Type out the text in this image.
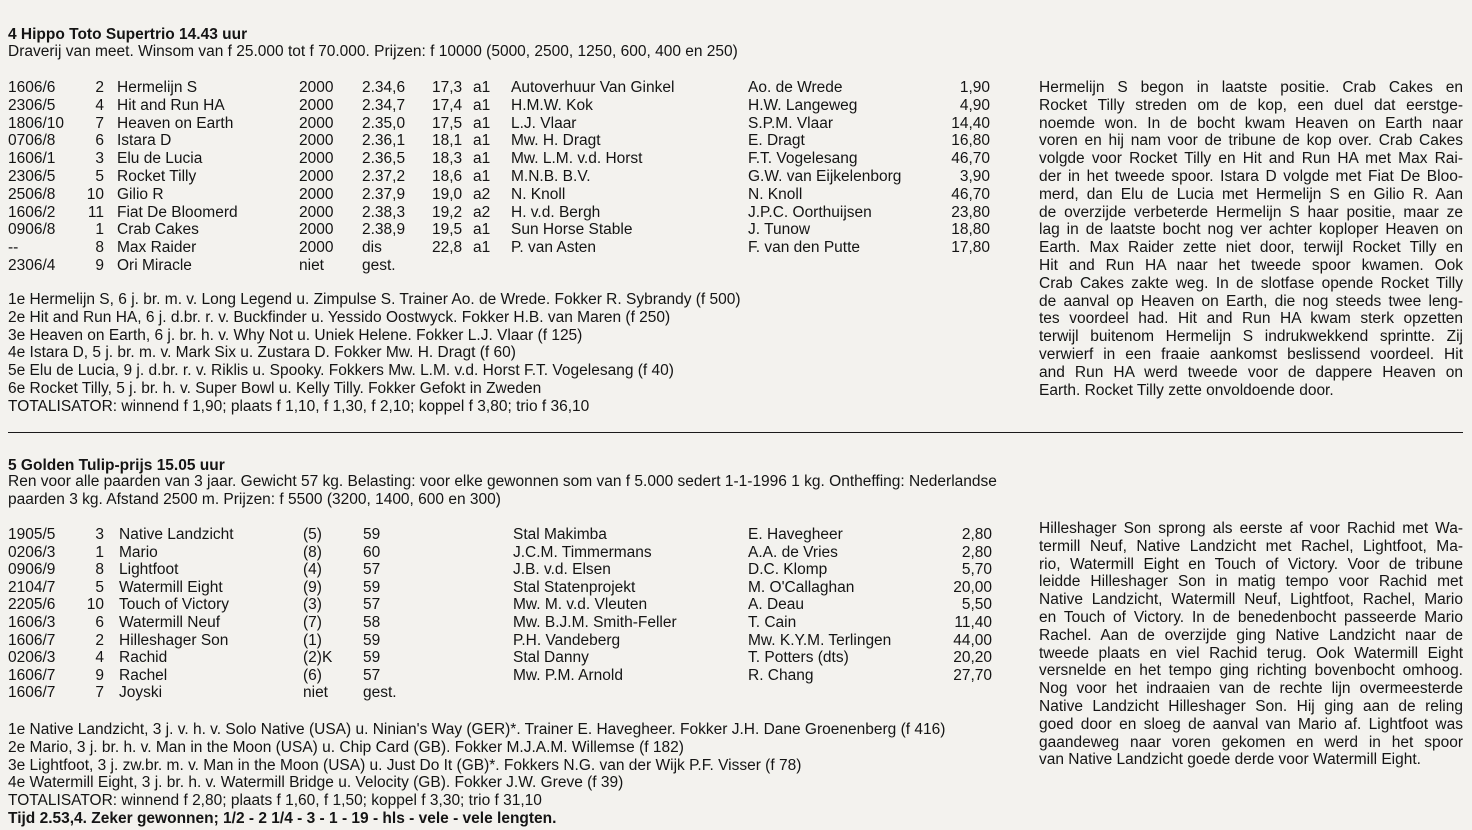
4 Hippo Toto Supertrio 14.43 uur
Draverij van meet. Winsom van f 25.000 tot f 70.000. Prijzen: f 10000 (5000, 2500, 1250, 600, 400 en 250)
1606/6	2 Hermelijn S	2000 2.34,6 17,3 a1 Autoverhuur Van Ginkel	Ao. de Wrede	1,90
2306/5	4 Hit and Run HA	2000 2.34,7 17,4 a1 H.M.W. Kok	H.W. Langeweg	4,90
1806/10	7 Heaven on Earth	2000 2.35,0 17,5 a1 L.J. Vlaar	S.P.M. Vlaar	14,40
0706/8	6 Istara D	2000 2.36,1 18,1 a1 Mw. H. Dragt	E. Dragt	16,80
1606/1	3 Elu de Lucia	2000 2.36,5 18,3 a1 Mw. L.M. v.d. Horst	F.T. Vogelesang	46,70
2306/5	5 Rocket Tilly	2000 2.37,2 18,6 a1 M.N.B. B.V.	G.W. van Eijkelenborg	3,90
2506/8	10 Gilio R	2000 2.37,9 19,0 a2 N. Knoll	N. Knoll	46,70
1606/2	11 Fiat De Bloomerd	2000 2.38,3 19,2 a2 H. v.d. Bergh	J.P.C. Oorthuijsen	23,80
0906/8	1 Crab Cakes	2000 2.38,9 19,5 a1 Sun Horse Stable	J. Tunow	18,80
--	8 Max Raider	2000 dis	22,8 a1 P. van Asten	F. van den Putte	17,80
2306/4	9 Ori Miracle	niet gest.
1e Hermelijn S, 6 j. br. m. v. Long Legend u. Zimpulse S. Trainer Ao. de Wrede. Fokker R. Sybrandy (f 500)
2e Hit and Run HA, 6 j. d.br. r. v. Buckfinder u. Yessido Oostwyck. Fokker H.B. van Maren (f 250)
3e Heaven on Earth, 6 j. br. h. v. Why Not u. Uniek Helene. Fokker L.J. Vlaar (f 125)
4e Istara D, 5 j. br. m. v. Mark Six u. Zustara D. Fokker Mw. H. Dragt (f 60)
5e Elu de Lucia, 9 j. d.br. r. v. Riklis u. Spooky. Fokkers Mw. L.M. v.d. Horst F.T. Vogelesang (f 40)
6e Rocket Tilly, 5 j. br. h. v. Super Bowl u. Kelly Tilly. Fokker Gefokt in Zweden
TOTALISATOR: winnend f 1,90; plaats f 1,10, f 1,30, f 2,10; koppel f 3,80; trio f 36,10
Hermelijn S begon in laatste positie. Crab Cakes en
Rocket Tilly streden om de kop, een duel dat eerstge-
noemde won. In de bocht kwam Heaven on Earth naar
voren en hij nam voor de tribune de kop over. Crab Cakes
volgde voor Rocket Tilly en Hit and Run HA met Max Rai-
der in het tweede spoor. Istara D volgde met Fiat De Bloo-
merd, dan Elu de Lucia met Hermelijn S en Gilio R. Aan
de overzijde verbeterde Hermelijn S haar positie, maar ze
lag in de laatste bocht nog ver achter koploper Heaven on
Earth. Max Raider zette niet door, terwijl Rocket Tilly en
Hit and Run HA naar het tweede spoor kwamen. Ook
Crab Cakes zakte weg. In de slotfase opende Rocket Tilly
de aanval op Heaven on Earth, die nog steeds twee leng-
tes voordeel had. Hit and Run HA kwam sterk opzetten
terwijl buitenom Hermelijn S indrukwekkend sprintte. Zij
verwierf in een fraaie aankomst beslissend voordeel. Hit
and Run HA werd tweede voor de dappere Heaven on
Earth. Rocket Tilly zette onvoldoende door.
5 Golden Tulip-prijs 15.05 uur
Ren voor alle paarden van 3 jaar. Gewicht 57 kg. Belasting: voor elke gewonnen som van f 5.000 sedert 1-1-1996 1 kg. Ontheffing: Nederlandse
paarden 3 kg. Afstand 2500 m. Prijzen: f 5500 (3200, 1400, 600 en 300)
1905/5	3 Native Landzicht	(5)	59	Stal Makimba	E. Havegheer	2,80
0206/3	1 Mario	(8)	60	J.C.M. Timmermans	A.A. de Vries	2,80
0906/9	8 Lightfoot	(4)	57	J.B. v.d. Elsen	D.C. Klomp	5,70
2104/7	5 Watermill Eight	(9)	59	Stal Statenprojekt	M. O'Callaghan	20,00
2205/6	10 Touch of Victory	(3)	57	Mw. M. v.d. Vleuten	A. Deau	5,50
1606/3	6 Watermill Neuf	(7)	58	Mw. B.J.M. Smith-Feller	T. Cain	11,40
1606/7	2 Hilleshager Son	(1)	59	P.H. Vandeberg	Mw. K.Y.M. Terlingen	44,00
0206/3	4 Rachid	(2)K 59	Stal Danny	T. Potters (dts)	20,20
1606/7	9 Rachel	(6)	57	Mw. P.M. Arnold	R. Chang	27,70
1606/7	7 Joyski	niet gest.
1e Native Landzicht, 3 j. v. h. v. Solo Native (USA) u. Ninian's Way (GER)*. Trainer E. Havegheer. Fokker J.H. Dane Groenenberg (f 416)
2e Mario, 3 j. br. h. v. Man in the Moon (USA) u. Chip Card (GB). Fokker M.J.A.M. Willemse (f 182)
3e Lightfoot, 3 j. zw.br. m. v. Man in the Moon (USA) u. Just Do It (GB)*. Fokkers N.G. van der Wijk P.F. Visser (f 78)
4e Watermill Eight, 3 j. br. h. v. Watermill Bridge u. Velocity (GB). Fokker J.W. Greve (f 39)
TOTALISATOR: winnend f 2,80; plaats f 1,60, f 1,50; koppel f 3,30; trio f 31,10
Tijd 2.53,4. Zeker gewonnen; 1/2 - 2 1/4 - 3 - 1 - 19 - hls - vele - vele lengten.
Hilleshager Son sprong als eerste af voor Rachid met Wa-
termill Neuf, Native Landzicht met Rachel, Lightfoot, Ma-
rio, Watermill Eight en Touch of Victory. Voor de tribune
leidde Hilleshager Son in matig tempo voor Rachid met
Native Landzicht, Watermill Neuf, Lightfoot, Rachel, Mario
en Touch of Victory. In de benedenbocht passeerde Mario
Rachel. Aan de overzijde ging Native Landzicht naar de
tweede plaats en viel Rachid terug. Ook Watermill Eight
versnelde en het tempo ging richting bovenbocht omhoog.
Nog voor het indraaien van de rechte lijn overmeesterde
Native Landzicht Hilleshager Son. Hij ging aan de reling
goed door en sloeg de aanval van Mario af. Lightfoot was
gaandeweg naar voren gekomen en werd in het spoor
van Native Landzicht goede derde voor Watermill Eight.
